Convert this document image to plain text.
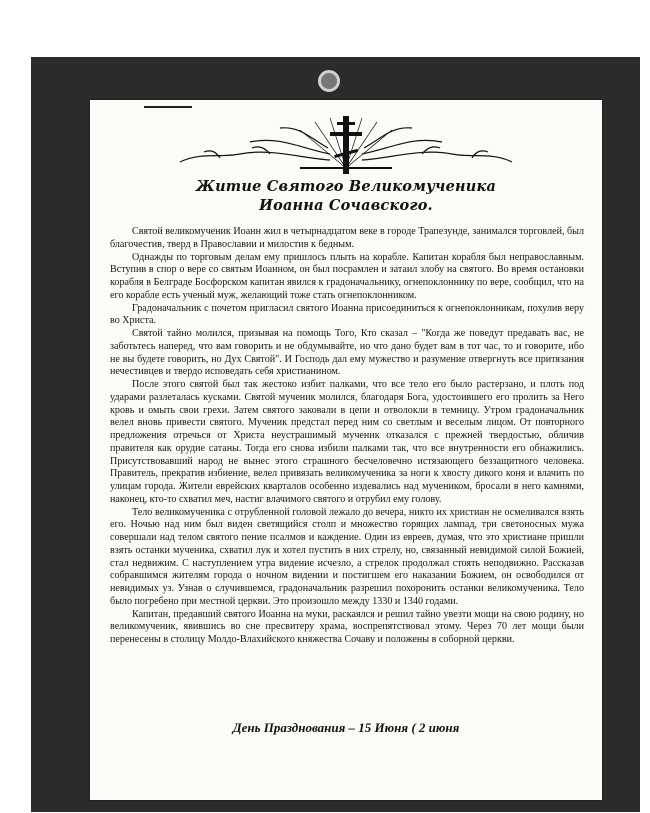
Житие Святого Великомученика
Иоанна Сочавского.

Святой великомученик Иоанн жил в четырнадцатом веке в городе Трапезунде, занимался торговлей, был благочестив, тверд в Православии и милостив к бедным.

Однажды по торговым делам ему пришлось плыть на корабле. Капитан корабля был неправославным. Вступив в спор о вере со святым Иоанном, он был посрамлен и затаил злобу на святого. Во время остановки корабля в Белграде Босфорском капитан явился к градоначальнику, огнепоклоннику по вере, сообщил, что на его корабле есть ученый муж, желающий тоже стать огнепоклонником.

Градоначальник с почетом пригласил святого Иоанна присоединиться к огнепоклонникам, похулив веру во Христа.

Святой тайно молился, призывая на помощь Того, Кто сказал – "Когда же поведут предавать вас, не заботьтесь наперед, что вам говорить и не обдумывайте, но что дано будет вам в тот час, то и говорите, ибо не вы будете говорить, но Дух Святой". И Господь дал ему мужество и разумение отвергнуть все притязания нечестивцев и твердо исповедать себя христианином.

После этого святой был так жестоко избит палками, что все тело его было растерзано, и плоть под ударами разлеталась кусками. Святой мученик молился, благодаря Бога, удостоившего его пролить за Него кровь и омыть свои грехи. Затем святого заковали в цепи и отволокли в темницу. Утром градоначальник велел вновь привести святого. Мученик предстал перед ним со светлым и веселым лицом. От повторного предложения отречься от Христа неустрашимый мученик отказался с прежней твердостью, обличив правителя как орудие сатаны. Тогда его снова избили палками так, что все внутренности его обнажились. Присутствовавший народ не вынес этого страшного бесчеловечно истязающего беззащитного человека. Правитель, прекратив избиение, велел привязать великомученика за ноги к хвосту дикого коня и влачить по улицам города. Жители еврейских кварталов особенно издевались над мучеником, бросали в него камнями, наконец, кто-то схватил меч, настиг влачимого святого и отрубил ему голову.

Тело великомученика с отрубленной головой лежало до вечера, никто их христиан не осмеливался взять его. Ночью над ним был виден светящийся столп и множество горящих лампад, три светоносных мужа совершали над телом святого пение псалмов и каждение. Один из евреев, думая, что это христиане пришли взять останки мученика, схватил лук и хотел пустить в них стрелу, но, связанный невидимой силой Божией, стал недвижим. С наступлением утра видение исчезло, а стрелок продолжал стоять неподвижно. Рассказав собравшимся жителям города о ночном видении и постигшем его наказании Божием, он освободился от невидимых уз. Узнав о случившемся, градоначальник разрешил похоронить останки великомученика. Тело было погребено при местной церкви. Это произошло между 1330 и 1340 годами.

Капитан, предавший святого Иоанна на муки, раскаялся и решил тайно увезти мощи на свою родину, но великомученик, явившись во сне пресвитеру храма, воспрепятствовал этому. Через 70 лет мощи были перенесены в столицу Молдо-Влахийского княжества Сочаву и положены в соборной церкви.

День Празднования – 15 Июня ( 2 июня
